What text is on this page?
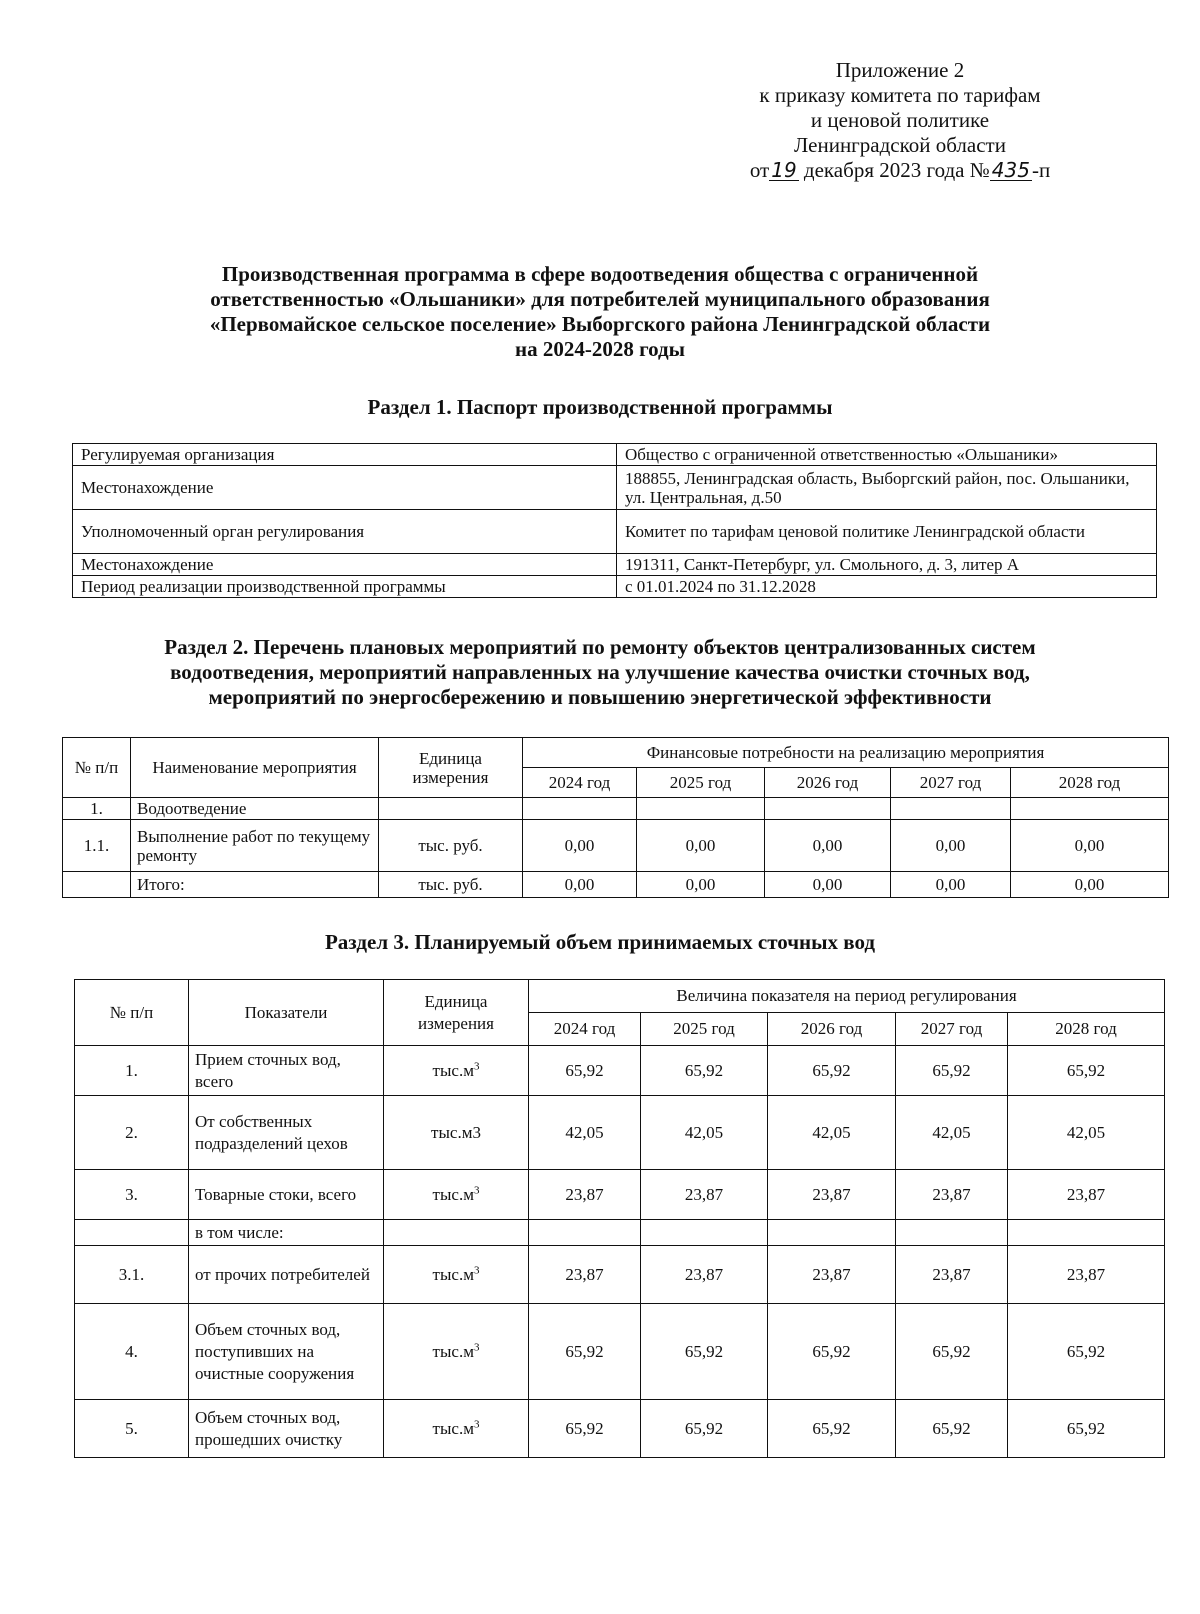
Приложение 2
к приказу комитета по тарифам
и ценовой политике
Ленинградской области
от 19 декабря 2023 года № 435-п
Производственная программа в сфере водоотведения общества с ограниченной
ответственностью «Ольшаники» для потребителей муниципального образования
«Первомайское сельское поселение» Выборгского района Ленинградской области
на 2024-2028 годы
Раздел 1. Паспорт производственной программы
Регулируемая организация	Общество с ограниченной ответственностью «Ольшаники»
Местонахождение	188855, Ленинградская область, Выборгский район, пос. Ольшаники, ул. Центральная, д.50
Уполномоченный орган регулирования	Комитет по тарифам ценовой политике Ленинградской области
Местонахождение	191311, Санкт-Петербург, ул. Смольного, д. 3, литер А
Период реализации производственной программы	с 01.01.2024 по 31.12.2028
Раздел 2. Перечень плановых мероприятий по ремонту объектов централизованных систем
водоотведения, мероприятий направленных на улучшение качества очистки сточных вод,
мероприятий по энергосбережению и повышению энергетической эффективности
№ п/п	Наименование мероприятия	Единица измерения	Финансовые потребности на реализацию мероприятия				
			2024 год	2025 год	2026 год	2027 год	2028 год
1.	Водоотведение						
1.1.	Выполнение работ по текущему ремонту	тыс. руб.	0,00	0,00	0,00	0,00	0,00
	Итого:	тыс. руб.	0,00	0,00	0,00	0,00	0,00
Раздел 3. Планируемый объем принимаемых сточных вод
№ п/п	Показатели	Единица измерения	Величина показателя на период регулирования				
			2024 год	2025 год	2026 год	2027 год	2028 год
1.	Прием сточных вод, всего	$тыс.м^3$	65,92	65,92	65,92	65,92	65,92
2.	От собственных подразделений цехов	тыс.м3	42,05	42,05	42,05	42,05	42,05
3.	Товарные стоки, всего	$тыс.м^3$	23,87	23,87	23,87	23,87	23,87
	в том числе:						
3.1.	от прочих потребителей	$тыс.м^3$	23,87	23,87	23,87	23,87	23,87
4.	Объем сточных вод, поступивших на очистные сооружения	$тыс.м^3$	65,92	65,92	65,92	65,92	65,92
5.	Объем сточных вод, прошедших очистку	$тыс.м^3$	65,92	65,92	65,92	65,92	65,92
